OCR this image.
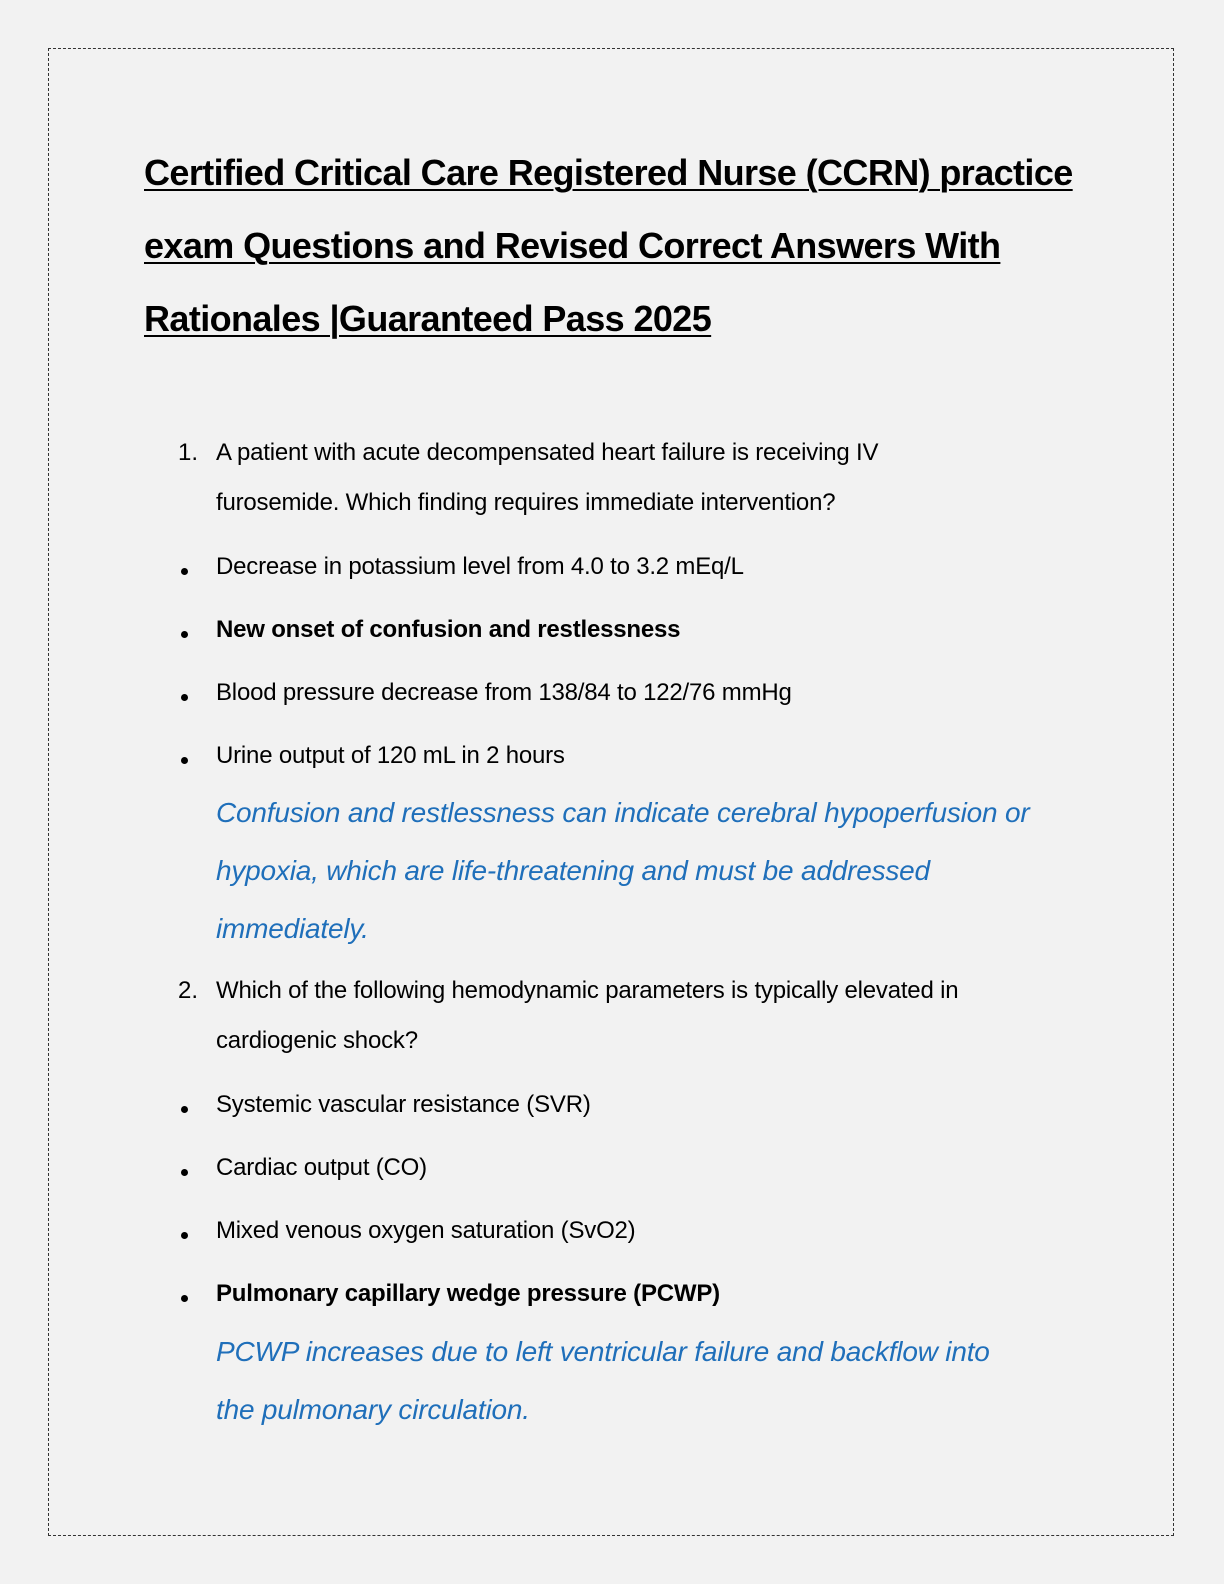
Certified Critical Care Registered Nurse (CCRN) practice
exam Questions and Revised Correct Answers With
Rationales |Guaranteed Pass 2025
1. A patient with acute decompensated heart failure is receiving IV
furosemide. Which finding requires immediate intervention?
Decrease in potassium level from 4.0 to 3.2 mEq/L
New onset of confusion and restlessness
Blood pressure decrease from 138/84 to 122/76 mmHg
Urine output of 120 mL in 2 hours
Confusion and restlessness can indicate cerebral hypoperfusion or
hypoxia, which are life-threatening and must be addressed
immediately.
2. Which of the following hemodynamic parameters is typically elevated in
cardiogenic shock?
Systemic vascular resistance (SVR)
Cardiac output (CO)
Mixed venous oxygen saturation (SvO2)
Pulmonary capillary wedge pressure (PCWP)
PCWP increases due to left ventricular failure and backflow into
the pulmonary circulation.
